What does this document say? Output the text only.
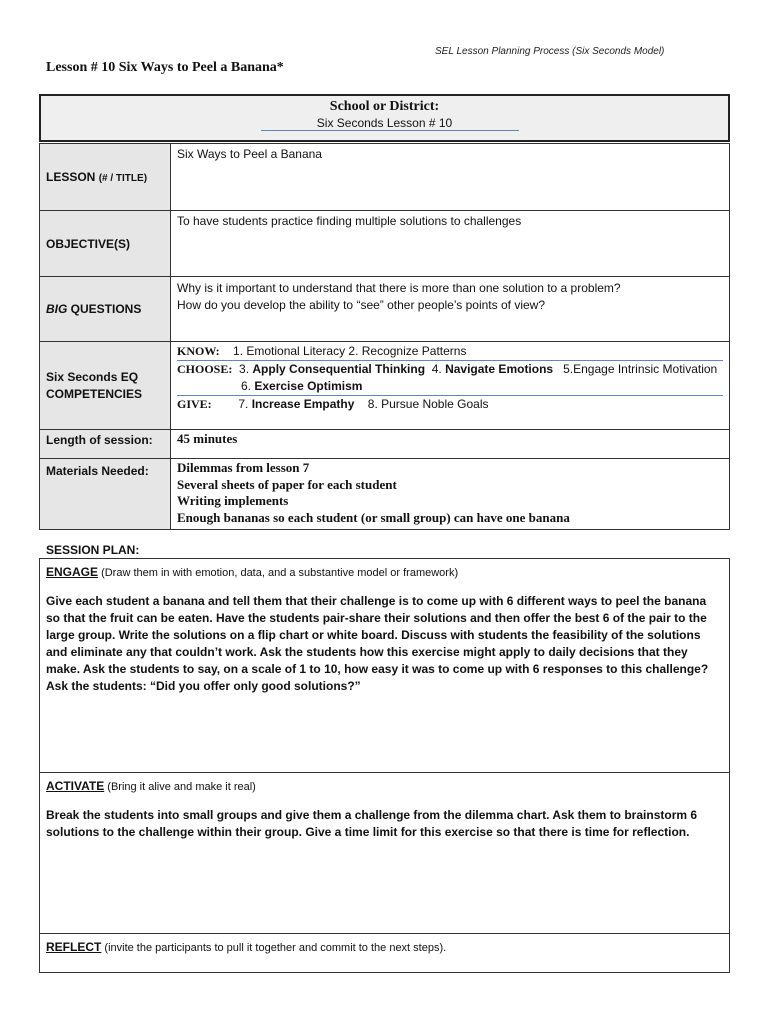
SEL Lesson Planning Process (Six Seconds Model)
Lesson # 10 Six Ways to Peel a Banana*
School or District:
Six Seconds Lesson # 10
LESSON (# / TITLE)	Six Ways to Peel a Banana
OBJECTIVE(S)	To have students practice finding multiple solutions to challenges
BIG QUESTIONS	Why is it important to understand that there is more than one solution to a problem?
How do you develop the ability to “see” other people’s points of view?

Six Seconds EQ COMPETENCIES	KNOW: 1. Emotional Literacy 2. Recognize Patterns
CHOOSE: 3. Apply Consequential Thinking 4. Navigate Emotions 5.Engage Intrinsic Motivation
6. Exercise Optimism
GIVE: 7. Increase Empathy 8. Pursue Noble Goals

Length of session:	45 minutes
Materials Needed:	Dilemmas from lesson 7
Several sheets of paper for each student
Writing implements
Enough bananas so each student (or small group) can have one banana
SESSION PLAN:
ENGAGE (Draw them in with emotion, data, and a substantive model or framework)
Give each student a banana and tell them that their challenge is to come up with 6 different ways to peel the banana so that the fruit can be eaten. Have the students pair-share their solutions and then offer the best 6 of the pair to the large group. Write the solutions on a flip chart or white board. Discuss with students the feasibility of the solutions and eliminate any that couldn’t work. Ask the students how this exercise might apply to daily decisions that they make. Ask the students to say, on a scale of 1 to 10, how easy it was to come up with 6 responses to this challenge? Ask the students: “Did you offer only good solutions?”
ACTIVATE (Bring it alive and make it real)
Break the students into small groups and give them a challenge from the dilemma chart. Ask them to brainstorm 6 solutions to the challenge within their group. Give a time limit for this exercise so that there is time for reflection.
REFLECT (invite the participants to pull it together and commit to the next steps).
